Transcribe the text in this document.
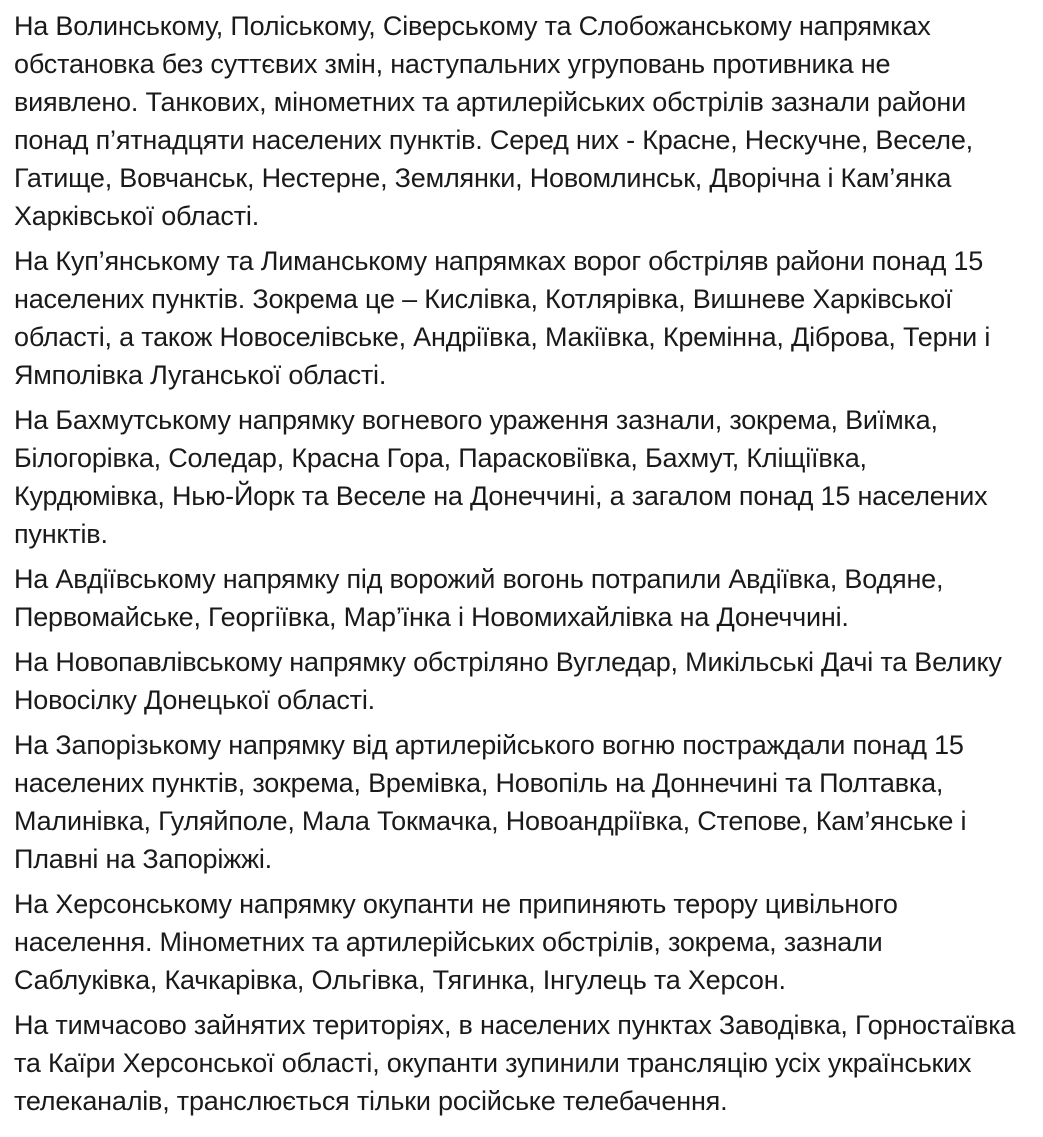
На Волинському, Поліському, Сіверському та Слобожанському напрямках
обстановка без суттєвих змін, наступальних угруповань противника не
виявлено. Танкових, мінометних та артилерійських обстрілів зазнали райони
понад п’ятнадцяти населених пунктів. Серед них - Красне, Нескучне, Веселе,
Гатище, Вовчанськ, Нестерне, Землянки, Новомлинськ, Дворічна і Кам’янка
Харківської області.

На Куп’янському та Лиманському напрямках ворог обстріляв райони понад 15
населених пунктів. Зокрема це – Кислівка, Котлярівка, Вишневе Харківської
області, а також Новоселівське, Андріївка, Макіївка, Кремінна, Діброва, Терни і
Ямполівка Луганської області.

На Бахмутському напрямку вогневого ураження зазнали, зокрема, Виїмка,
Білогорівка, Соледар, Красна Гора, Парасковіївка, Бахмут, Кліщіївка,
Курдюмівка, Нью-Йорк та Веселе на Донеччині, а загалом понад 15 населених
пунктів.

На Авдіївському напрямку під ворожий вогонь потрапили Авдіївка, Водяне,
Первомайське, Георгіївка, Мар’їнка і Новомихайлівка на Донеччині.

На Новопавлівському напрямку обстріляно Вугледар, Микільські Дачі та Велику
Новосілку Донецької області.

На Запорізькому напрямку від артилерійського вогню постраждали понад 15
населених пунктів, зокрема, Времівка, Новопіль на Доннечині та Полтавка,
Малинівка, Гуляйполе, Мала Токмачка, Новоандріївка, Степове, Кам’янське і
Плавні на Запоріжжі.

На Херсонському напрямку окупанти не припиняють терору цивільного
населення. Мінометних та артилерійських обстрілів, зокрема, зазнали
Саблуківка, Качкарівка, Ольгівка, Тягинка, Інгулець та Херсон.

На тимчасово зайнятих територіях, в населених пунктах Заводівка, Горностаївка
та Каїри Херсонської області, окупанти зупинили трансляцію усіх українських
телеканалів, транслюється тільки російське телебачення.
